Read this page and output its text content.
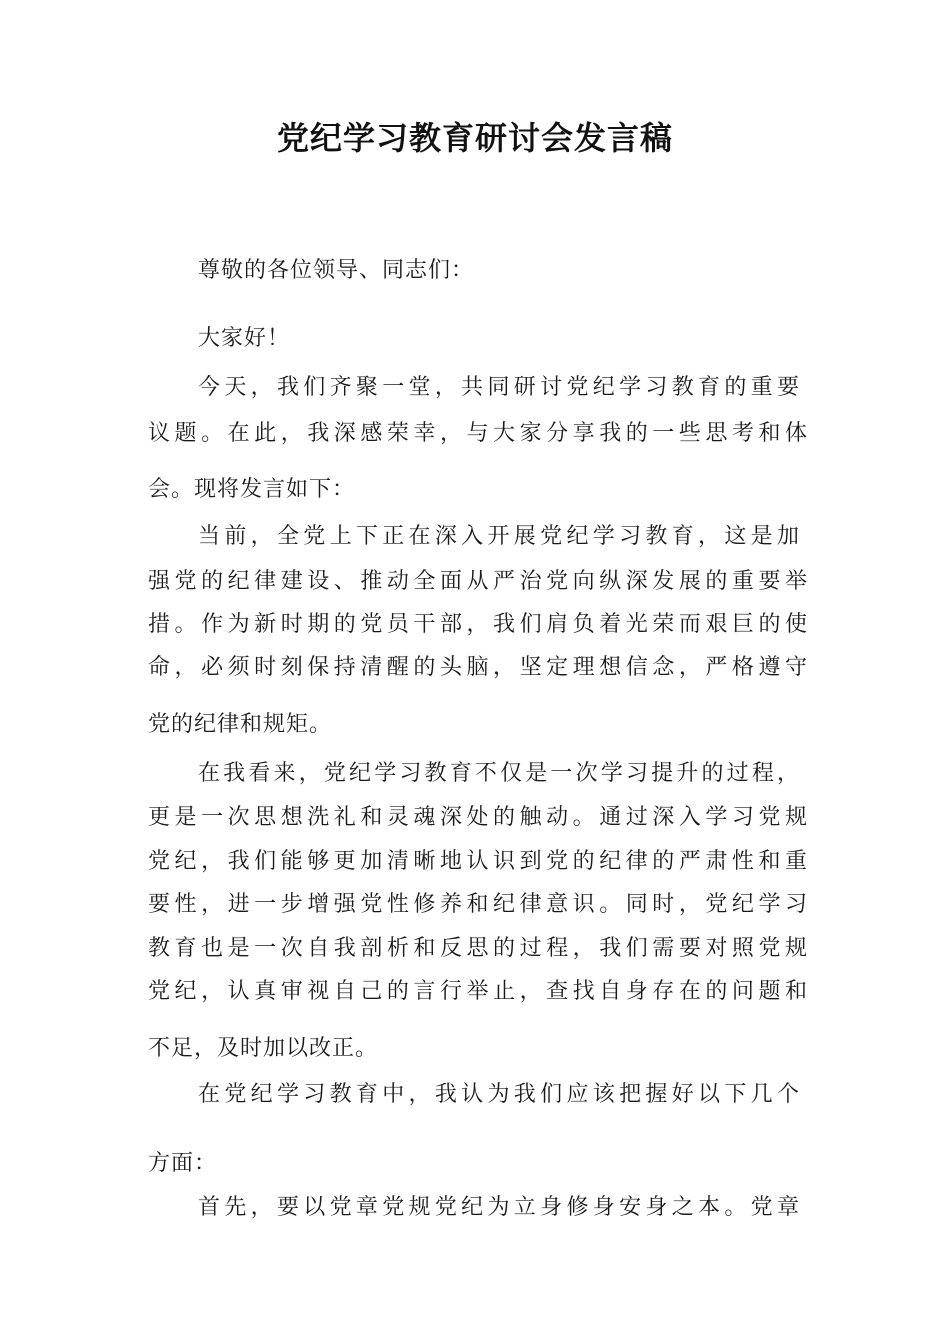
党纪学习教育研讨会发言稿
尊敬的各位领导、同志们：
大家好！
今天，我们齐聚一堂，共同研讨党纪学习教育的重要
议题。在此，我深感荣幸，与大家分享我的一些思考和体
会。现将发言如下：
当前，全党上下正在深入开展党纪学习教育，这是加
强党的纪律建设、推动全面从严治党向纵深发展的重要举
措。作为新时期的党员干部，我们肩负着光荣而艰巨的使
命，必须时刻保持清醒的头脑，坚定理想信念，严格遵守
党的纪律和规矩。
在我看来，党纪学习教育不仅是一次学习提升的过程，
更是一次思想洗礼和灵魂深处的触动。通过深入学习党规
党纪，我们能够更加清晰地认识到党的纪律的严肃性和重
要性，进一步增强党性修养和纪律意识。同时，党纪学习
教育也是一次自我剖析和反思的过程，我们需要对照党规
党纪，认真审视自己的言行举止，查找自身存在的问题和
不足，及时加以改正。
在党纪学习教育中，我认为我们应该把握好以下几个
方面：
首先，要以党章党规党纪为立身修身安身之本。党章
